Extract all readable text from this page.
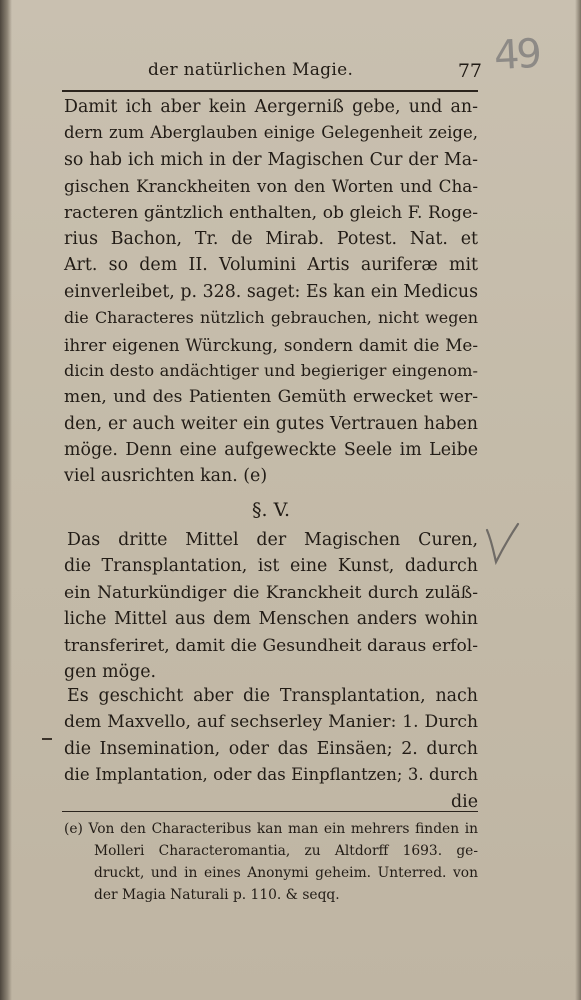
der natürlichen Magie.	77 49
Damit ich aber kein Aergerniß gebe, und an-
dern zum Aberglauben einige Gelegenheit zeige,
so hab ich mich in der Magischen Cur der Ma-
gischen Kranckheiten von den Worten und Cha-
racteren gäntzlich enthalten, ob gleich F. Roge-
rius Bachon, Tr. de Mirab. Potest. Nat. et
Art. so dem II. Volumini Artis auriferæ mit
einverleibet, p. 328. saget: Es kan ein Medicus
die Characteres nützlich gebrauchen, nicht wegen
ihrer eigenen Würckung, sondern damit die Me-
dicin desto andächtiger und begieriger eingenom-
men, und des Patienten Gemüth erwecket wer-
den, er auch weiter ein gutes Vertrauen haben
möge. Denn eine aufgeweckte Seele im Leibe
viel ausrichten kan. (e)
§. V.
Das dritte Mittel der Magischen Curen,
die Transplantation, ist eine Kunst, dadurch
ein Naturkündiger die Kranckheit durch zuläß-
liche Mittel aus dem Menschen anders wohin
transferiret, damit die Gesundheit daraus erfol-
gen möge.
Es geschicht aber die Transplantation, nach
dem Maxvello, auf sechserley Manier: 1. Durch
die Insemination, oder das Einsäen; 2. durch
die Implantation, oder das Einpflantzen; 3. durch
die
(e) Von den Characteribus kan man ein mehrers finden in
Molleri Characteromantia, zu Altdorff 1693. ge-
druckt, und in eines Anonymi geheim. Unterred. von
der Magia Naturali p. 110. & seqq.
